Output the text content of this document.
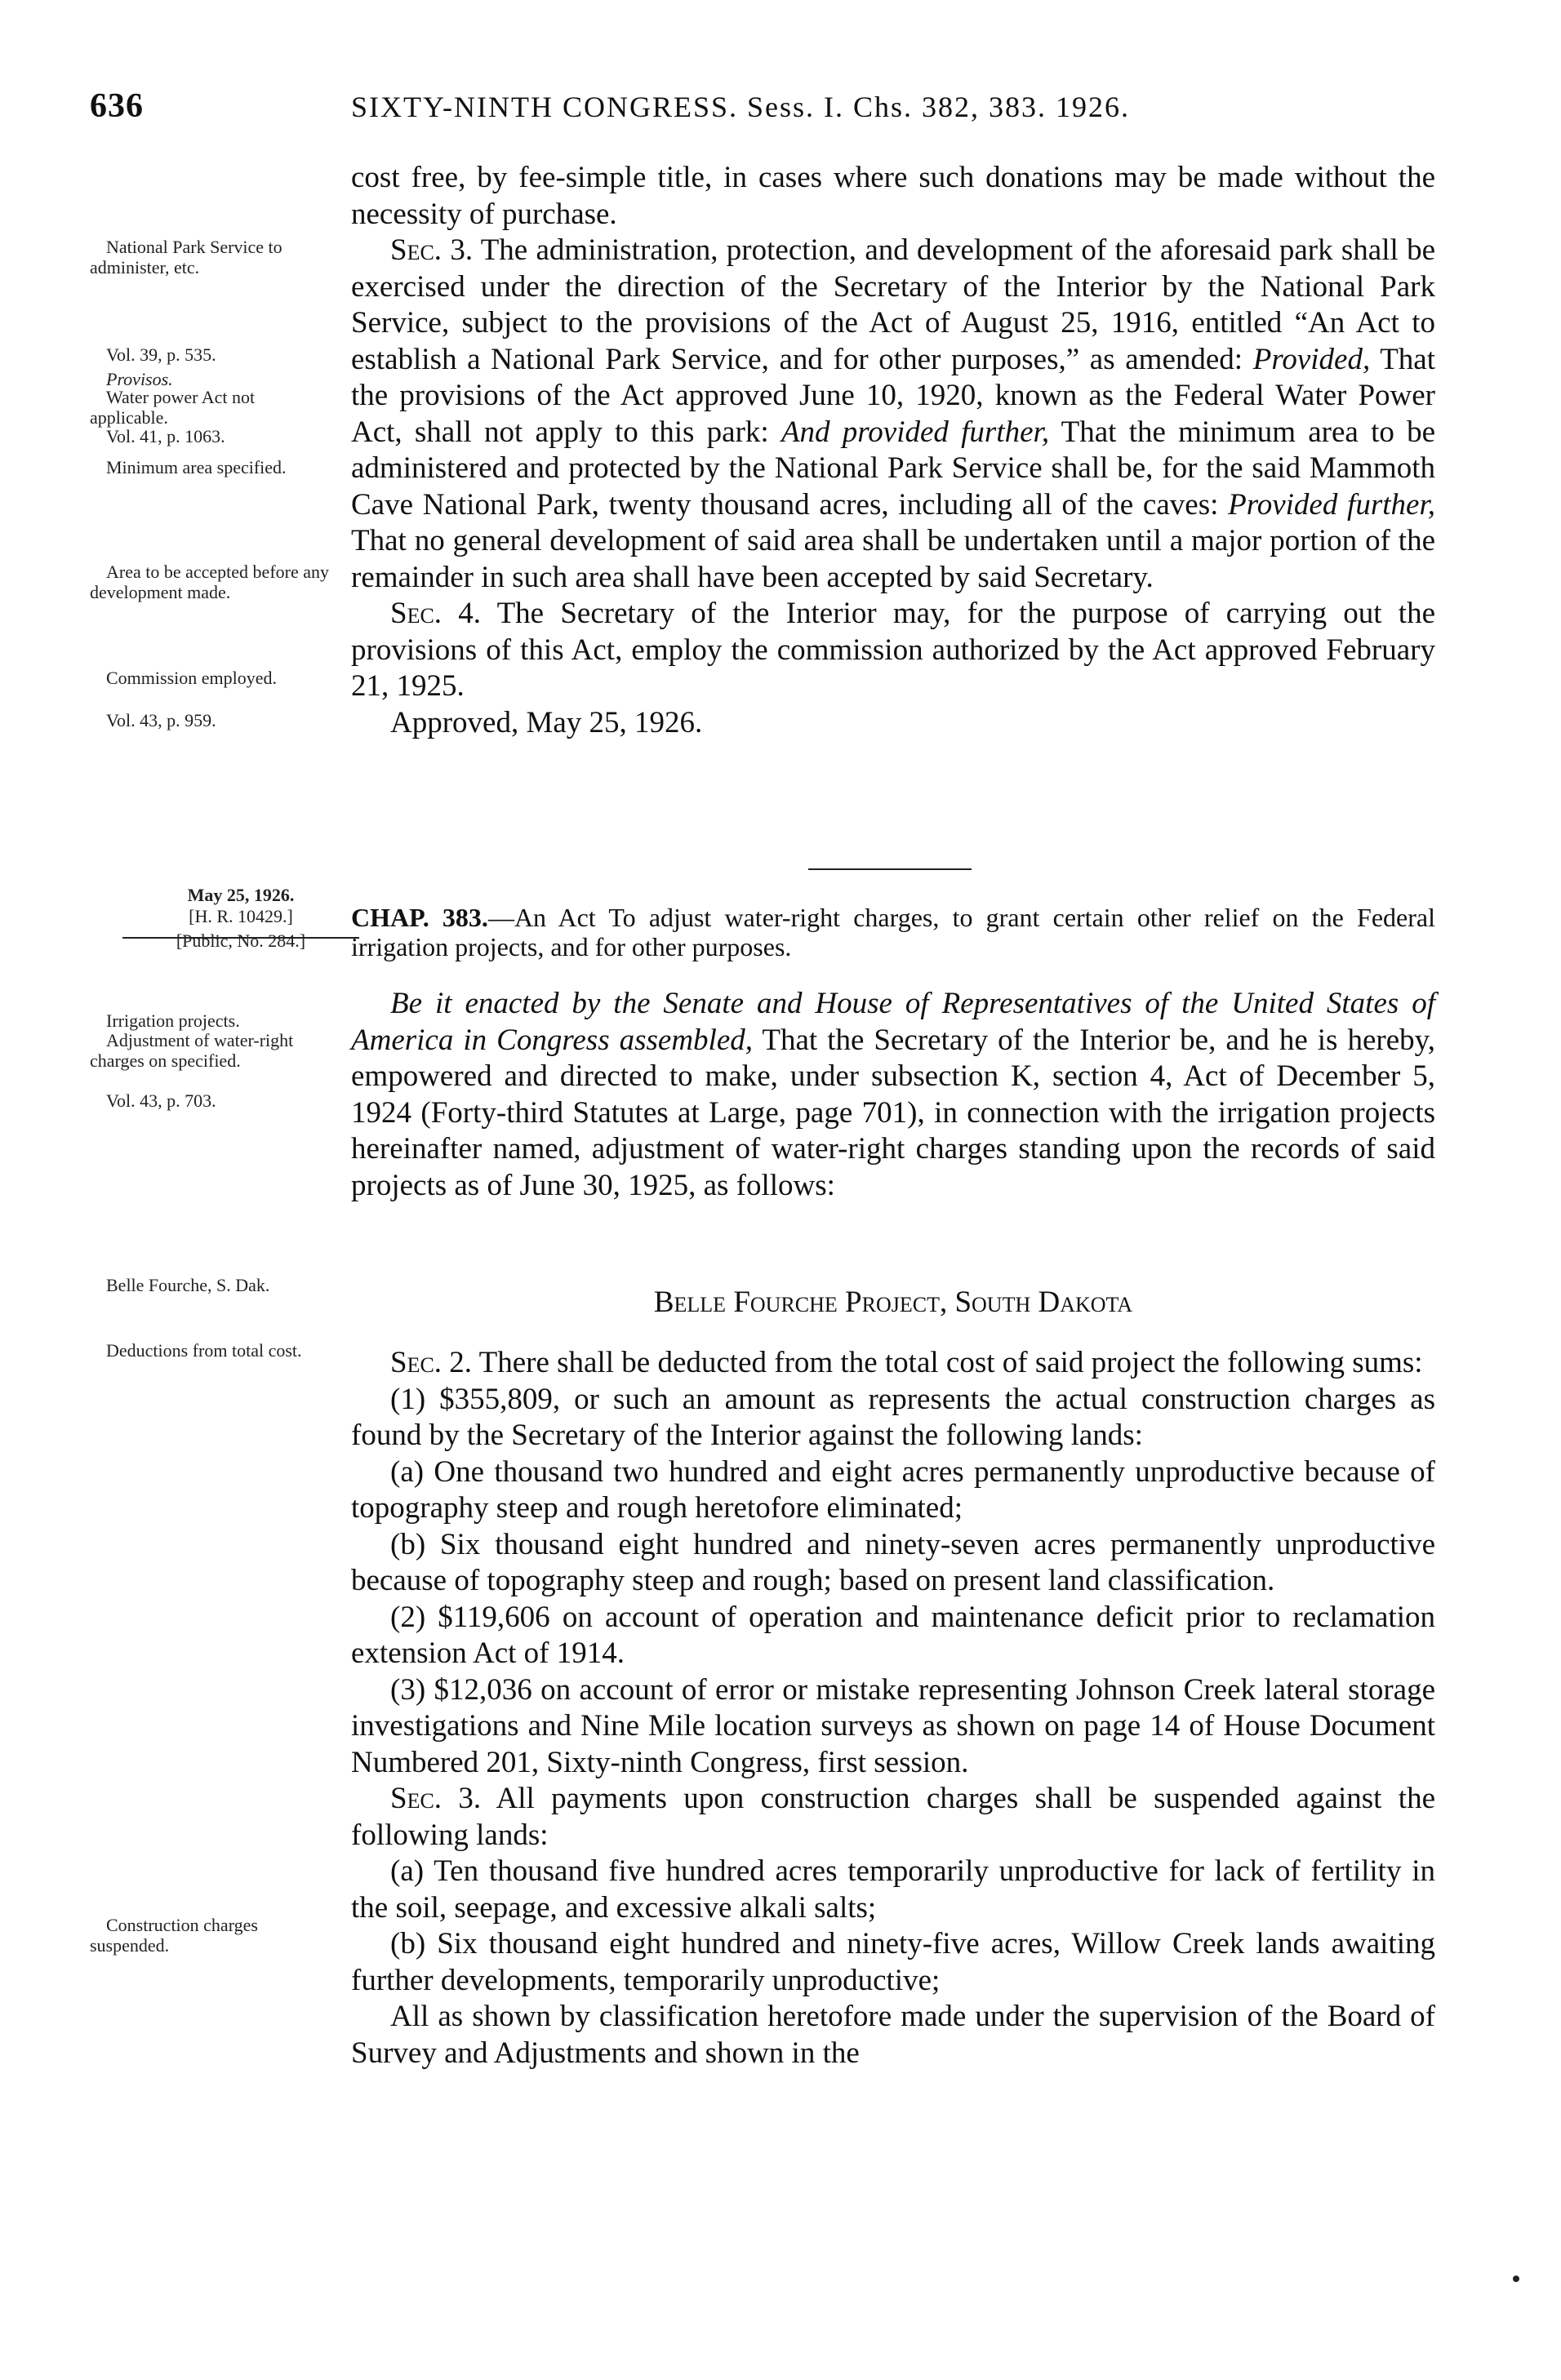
636	SIXTY-NINTH CONGRESS. Sess. I. Chs. 382, 383. 1926.
National Park Service to administer, etc.
Vol. 39, p. 535.
Provisos.
Water power Act not applicable.
Vol. 41, p. 1063.
Minimum area specified.
Area to be accepted before any development made.
Commission employed.
Vol. 43, p. 959.
May 25, 1926.
[H. R. 10429.]
[Public, No. 284.]
Irrigation projects.
Adjustment of water-right charges on specified.
Vol. 43, p. 703.
Belle Fourche, S. Dak.
Deductions from total cost.
Construction charges suspended.

cost free, by fee-simple title, in cases where such donations may be made without the necessity of purchase.

Sec. 3. The administration, protection, and development of the aforesaid park shall be exercised under the direction of the Secretary of the Interior by the National Park Service, subject to the provisions of the Act of August 25, 1916, entitled “An Act to establish a National Park Service, and for other purposes,” as amended: Provided, That the provisions of the Act approved June 10, 1920, known as the Federal Water Power Act, shall not apply to this park: And provided further, That the minimum area to be administered and protected by the National Park Service shall be, for the said Mammoth Cave National Park, twenty thousand acres, including all of the caves: Provided further, That no general development of said area shall be undertaken until a major portion of the remainder in such area shall have been accepted by said Secretary.

Sec. 4. The Secretary of the Interior may, for the purpose of carrying out the provisions of this Act, employ the commission authorized by the Act approved February 21, 1925.

Approved, May 25, 1926.

CHAP. 383.—An Act To adjust water-right charges, to grant certain other relief on the Federal irrigation projects, and for other purposes.

Be it enacted by the Senate and House of Representatives of the United States of America in Congress assembled, That the Secretary of the Interior be, and he is hereby, empowered and directed to make, under subsection K, section 4, Act of December 5, 1924 (Forty-third Statutes at Large, page 701), in connection with the irrigation projects hereinafter named, adjustment of water-right charges standing upon the records of said projects as of June 30, 1925, as follows:

Belle Fourche Project, South Dakota

Sec. 2. There shall be deducted from the total cost of said project the following sums:

(1) $355,809, or such an amount as represents the actual construction charges as found by the Secretary of the Interior against the following lands:

(a) One thousand two hundred and eight acres permanently unproductive because of topography steep and rough heretofore eliminated;

(b) Six thousand eight hundred and ninety-seven acres permanently unproductive because of topography steep and rough; based on present land classification.

(2) $119,606 on account of operation and maintenance deficit prior to reclamation extension Act of 1914.

(3) $12,036 on account of error or mistake representing Johnson Creek lateral storage investigations and Nine Mile location surveys as shown on page 14 of House Document Numbered 201, Sixty-ninth Congress, first session.

Sec. 3. All payments upon construction charges shall be suspended against the following lands:

(a) Ten thousand five hundred acres temporarily unproductive for lack of fertility in the soil, seepage, and excessive alkali salts;

(b) Six thousand eight hundred and ninety-five acres, Willow Creek lands awaiting further developments, temporarily unproductive;

All as shown by classification heretofore made under the supervision of the Board of Survey and Adjustments and shown in the
